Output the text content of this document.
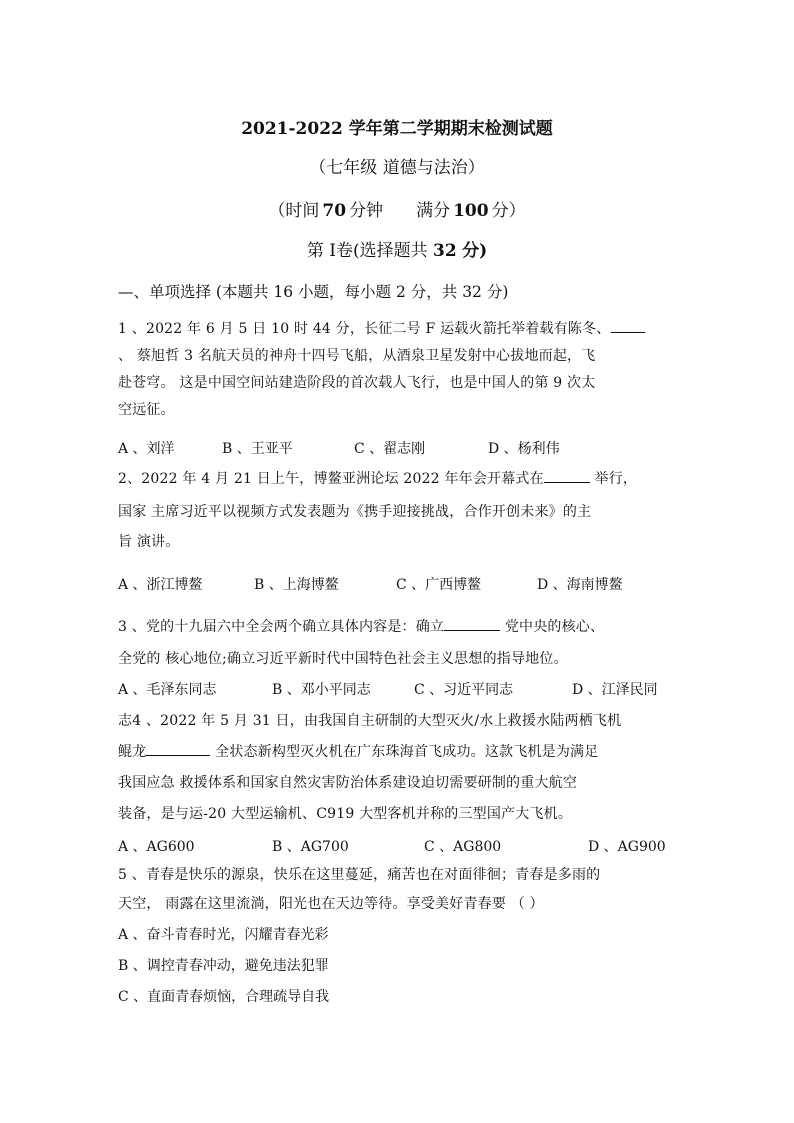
2021-2022 学年第二学期期末检测试题
（七年级 道德与法治）
（时间 70 分钟 满分 100 分）
第 Ⅰ卷(选择题共 32 分)
—、单项选择 (本题共 16 小题，每小题 2 分，共 32 分)
1 、2022 年 6 月 5 日 10 时 44 分，长征二号 F 运载火箭托举着载有陈冬、
、 蔡旭哲 3 名航天员的神舟十四号飞船，从酒泉卫星发射中心拔地而起，飞
赴苍穹。 这是中国空间站建造阶段的首次载人飞行，也是中国人的第 9 次太
空远征。
A 、刘洋	B 、王亚平	C 、翟志刚	D 、杨利伟
2、2022 年 4 月 21 日上午，博鳌亚洲论坛 2022 年年会开幕式在	举行，
国家 主席习近平以视频方式发表题为《携手迎接挑战，合作开创未来》的主
旨 演讲。
A 、浙江博鳌	B 、上海博鳌	C 、广西博鳌	D 、海南博鳌
3 、党的十九届六中全会两个确立具体内容是：确立	党中央的核心、
全党的 核心地位;确立习近平新时代中国特色社会主义思想的指导地位。
A 、毛泽东同志	B 、邓小平同志	C 、习近平同志	D 、江泽民同
志4 、2022 年 5 月 31 日，由我国自主研制的大型灭火/水上救援水陆两栖飞机
鲲龙	全状态新构型灭火机在广东珠海首飞成功。这款飞机是为满足
我国应急 救援体系和国家自然灾害防治体系建设迫切需要研制的重大航空
装备，是与运-20 大型运输机、C919 大型客机并称的三型国产大飞机。
A 、AG600	B 、AG700	C 、AG800	D 、AG900
5 、青春是快乐的源泉，快乐在这里蔓延，痛苦也在对面徘徊；青春是多雨的
天空， 雨露在这里流淌，阳光也在天边等待。享受美好青春要 （ ）
A 、奋斗青春时光，闪耀青春光彩
B 、调控青春冲动，避免违法犯罪
C 、直面青春烦恼，合理疏导自我
